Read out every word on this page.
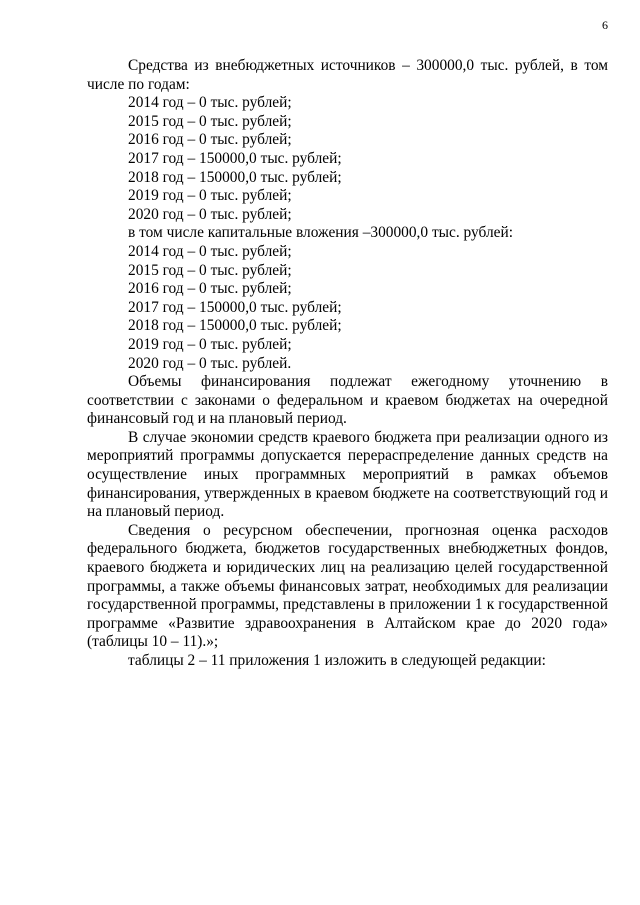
6

Средства из внебюджетных источников – 300000,0 тыс. рублей, в том числе по годам:

2014 год – 0 тыс. рублей;
2015 год – 0 тыс. рублей;
2016 год – 0 тыс. рублей;
2017 год – 150000,0 тыс. рублей;
2018 год – 150000,0 тыс. рублей;
2019 год – 0 тыс. рублей;
2020 год – 0 тыс. рублей;
в том числе капитальные вложения –300000,0 тыс. рублей:
2014 год – 0 тыс. рублей;
2015 год – 0 тыс. рублей;
2016 год – 0 тыс. рублей;
2017 год – 150000,0 тыс. рублей;
2018 год – 150000,0 тыс. рублей;
2019 год – 0 тыс. рублей;
2020 год – 0 тыс. рублей.

Объемы финансирования подлежат ежегодному уточнению в соответствии с законами о федеральном и краевом бюджетах на очередной финансовый год и на плановый период.

В случае экономии средств краевого бюджета при реализации одного из мероприятий программы допускается перераспределение данных средств на осуществление иных программных мероприятий в рамках объемов финансирования, утвержденных в краевом бюджете на соответствующий год и на плановый период.

Сведения о ресурсном обеспечении, прогнозная оценка расходов федерального бюджета, бюджетов государственных внебюджетных фондов, краевого бюджета и юридических лиц на реализацию целей государственной программы, а также объемы финансовых затрат, необходимых для реализации государственной программы, представлены в приложении 1 к государственной программе «Развитие здравоохранения в Алтайском крае до 2020 года» (таблицы 10 – 11).»;

таблицы 2 – 11 приложения 1 изложить в следующей редакции:
